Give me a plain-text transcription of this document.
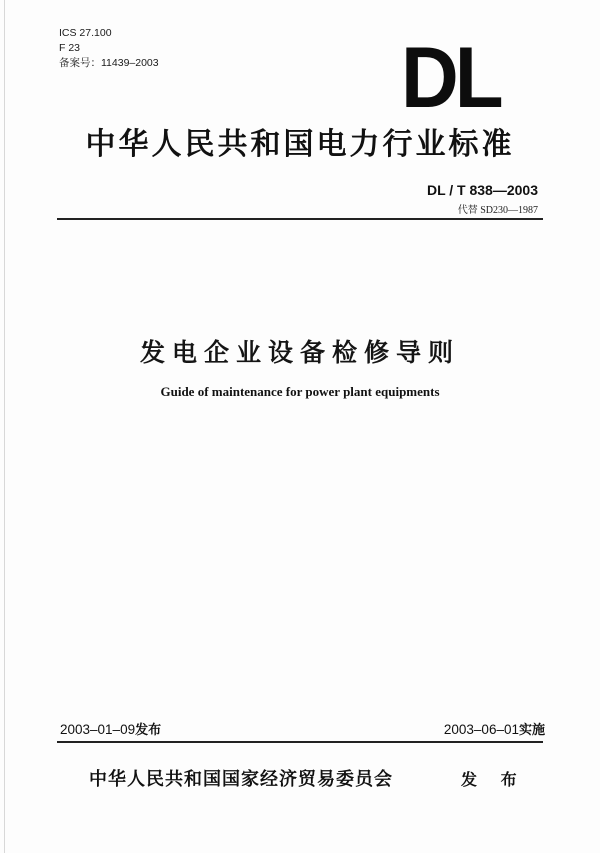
ICS 27.100
F 23
备案号：11439–2003	DL
中华人民共和国电力行业标准
DL / T 838—2003
代替 SD230—1987
发电企业设备检修导则
Guide of maintenance for power plant equipments
2003–01–09发布	2003–06–01实施
中华人民共和国国家经济贸易委员会	发 布
